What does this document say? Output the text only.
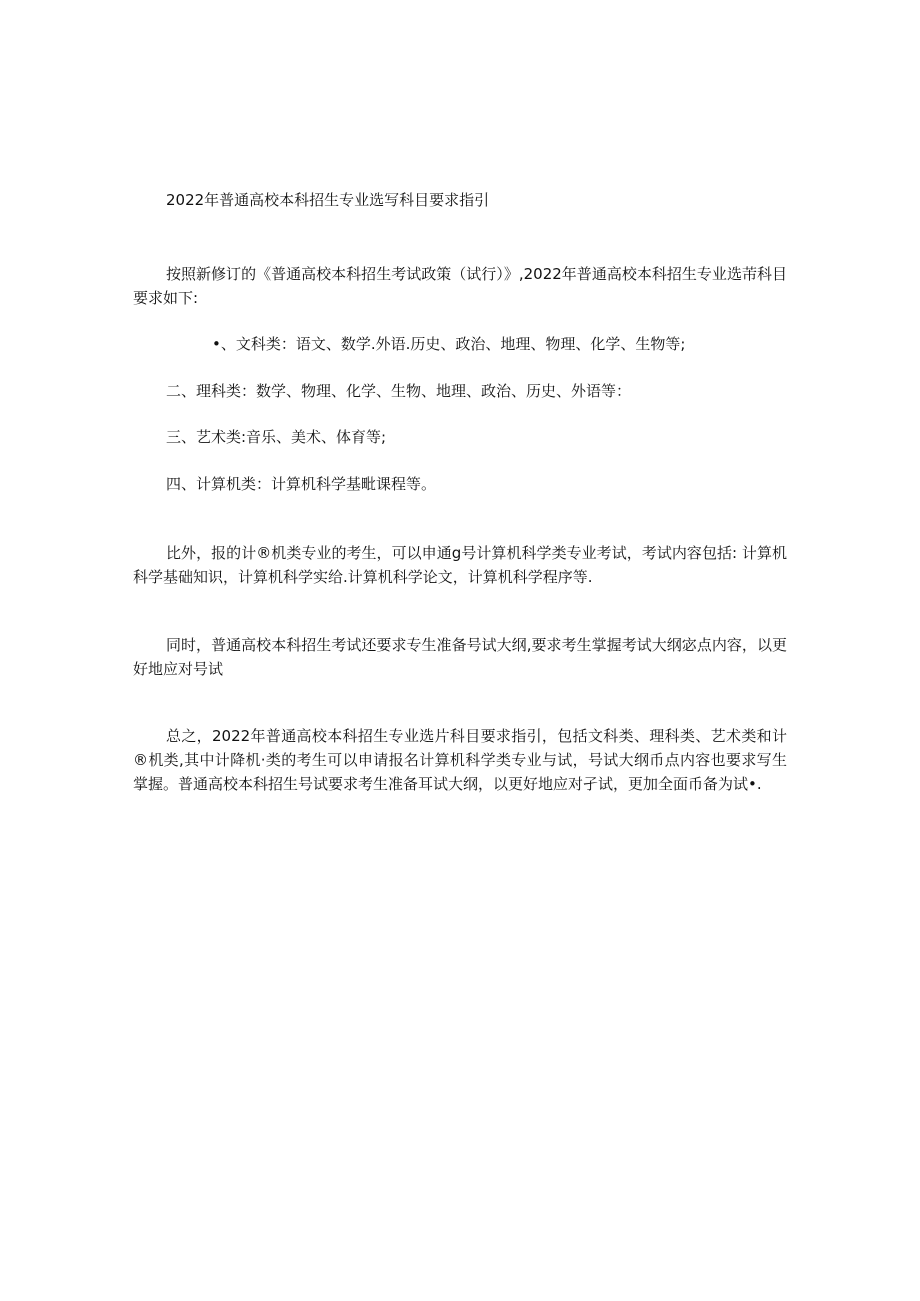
2022年普通高校本科招生专业选写科目要求指引

按照新修订的《普通高校本科招生考试政策（试行）》,2022年普通高校本科招生专业选芾科目要求如下:

•、文科类：语文、数学.外语.历史、政治、地理、物理、化学、生物等;
二、理科类：数学、物理、化学、生物、地理、政治、历史、外语等：
三、艺术类:音乐、美术、体育等;
四、计算机类：计算机科学基毗课程等。

比外，报的计®机类专业的考生，可以申通g号计算机科学类专业考试，考试内容包括: 计算机科学基础知识，计算机科学实给.计算机科学论文，计算机科学程序等.

同时，普通高校本科招生考试还要求专生准备号试大纲,要求考生掌握考试大纲宓点内容，以更好地应对号试

总之，2022年普通高校本科招生专业选片科目要求指引，包括文科类、理科类、艺术类和计®机类,其中计降机·类的考生可以申请报名计算机科学类专业与试，号试大纲币点内容也要求写生掌握。普通高校本科招生号试要求考生准备耳试大纲，以更好地应对孑试，更加全面币备为试•.
